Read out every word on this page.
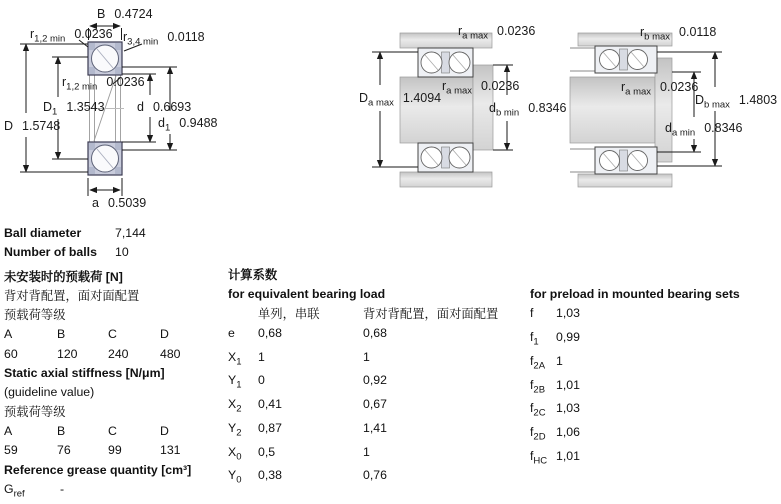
B 0.4724
$r_{1,2 min}$ 0.0236 $r_{3,4 min}$ 0.0118
$r_{1,2 min}$ 0.0236
$D_1$ 1.3543
D 1.5748
d 0.6693
$d_1$ 0.9488
a 0.5039
$r_{a max}$ 0.0236
$r_{a max}$ 0.0236
$D_{a max}$ 1.4094
$d_{b min}$ 0.8346
$r_{b max}$ 0.0118
$r_{a max}$ 0.0236
$D_{b max}$ 1.4803
$d_{a min}$ 0.8346
Ball diameter	7,144
Number of balls	10
未安装时的预载荷 [N]
背对背配置，面对面配置
预载荷等级
A	B	C	D
60	120	240	480
Static axial stiffness [N/μm]
(guideline value)
预载荷等级
A	B	C	D
59	76	99	131
Reference grease quantity [cm³]
$G_{ref}$	-
计算系数
for equivalent bearing load
单列，串联	背对背配置，面对面配置
e	0,68	0,68
$X_1$	1	1
$Y_1$	0	0,92
$X_2$	0,41	0,67
$Y_2$	0,87	1,41
$X_0$	0,5	1
$Y_0$	0,38	0,76
for preload in mounted bearing sets
f	1,03
$f_1$	0,99
$f_{2A}$ 1
$f_{2B}$ 1,01
$f_{2C}$ 1,03
$f_{2D}$ 1,06
$f_{HC}$ 1,01
